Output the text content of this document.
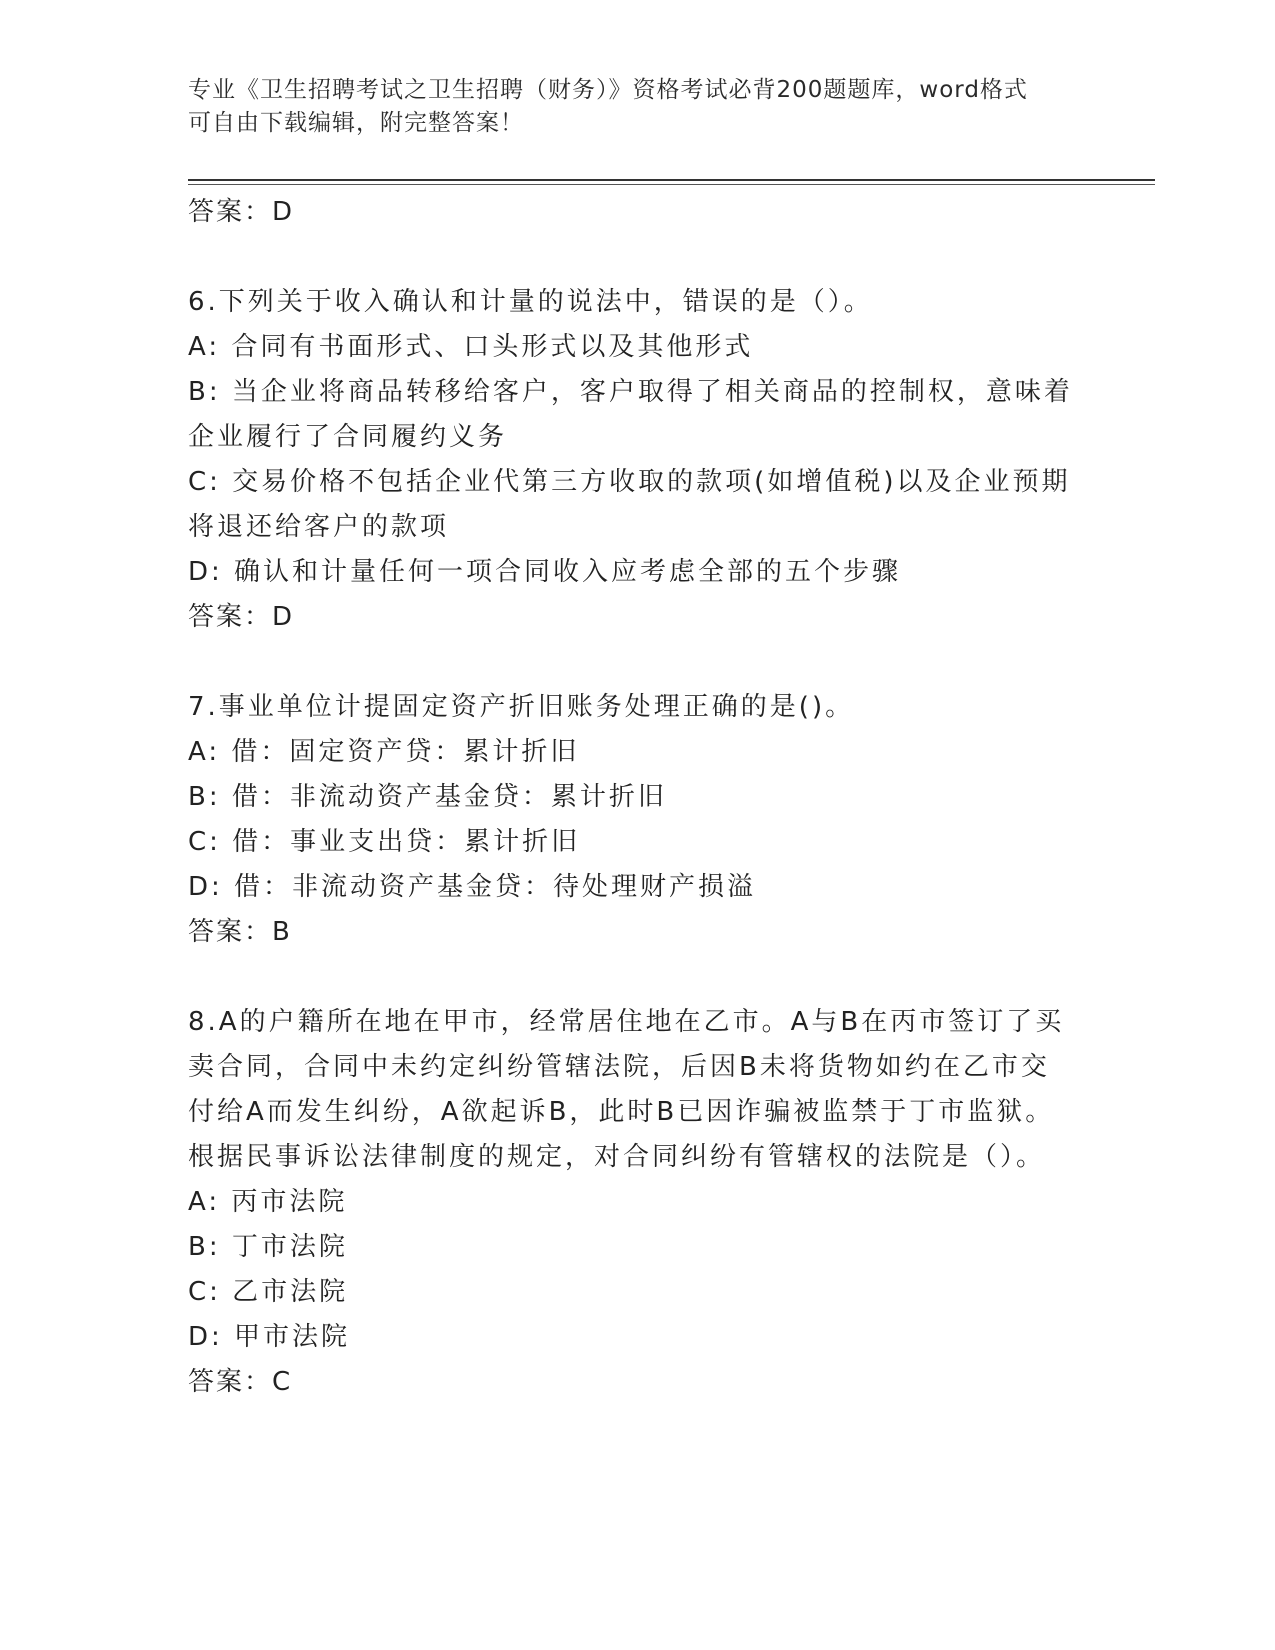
专业《卫生招聘考试之卫生招聘（财务）》资格考试必背200题题库，word格式
可自由下载编辑，附完整答案！

答案：D

6.下列关于收入确认和计量的说法中，错误的是（）。

A: 合同有书面形式、口头形式以及其他形式

B: 当企业将商品转移给客户，客户取得了相关商品的控制权，意味着

企业履行了合同履约义务

C: 交易价格不包括企业代第三方收取的款项(如增值税)以及企业预期

将退还给客户的款项

D: 确认和计量任何一项合同收入应考虑全部的五个步骤

答案：D

7.事业单位计提固定资产折旧账务处理正确的是()。

A: 借：固定资产贷：累计折旧

B: 借：非流动资产基金贷：累计折旧

C: 借：事业支出贷：累计折旧

D: 借：非流动资产基金贷：待处理财产损溢

答案：B

8.A的户籍所在地在甲市，经常居住地在乙市。A与B在丙市签订了买

卖合同，合同中未约定纠纷管辖法院，后因B未将货物如约在乙市交

付给A而发生纠纷，A欲起诉B，此时B已因诈骗被监禁于丁市监狱。

根据民事诉讼法律制度的规定，对合同纠纷有管辖权的法院是（）。

A: 丙市法院

B: 丁市法院

C: 乙市法院

D: 甲市法院

答案：C
